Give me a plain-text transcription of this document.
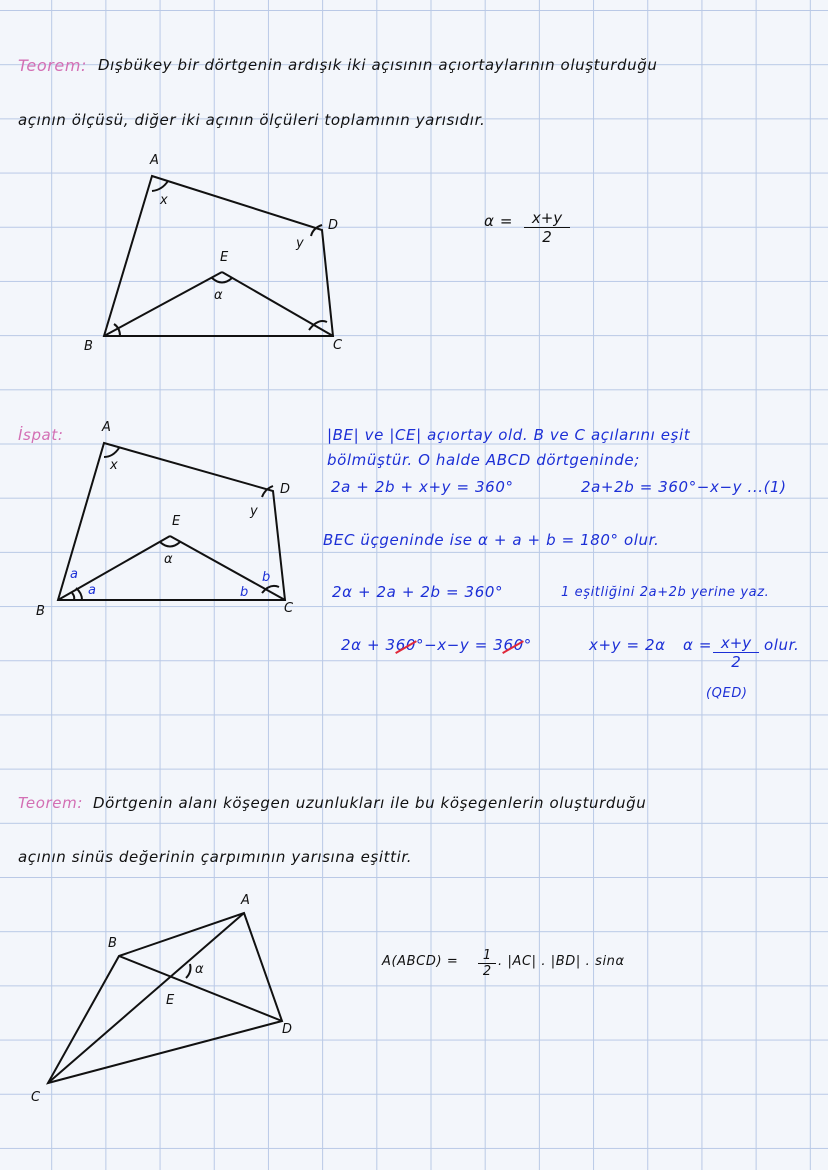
Teorem: Dışbükey bir dörtgenin ardışık iki açısının açıortaylarının oluşturduğu
açının ölçüsü, diğer iki açının ölçüleri toplamının yarısıdır.
$\alpha = \frac{x+y}{2}$
A
B	C
D
E
x
y
α
İspat:	A
B	C
D
E
x
y
α
a
a	b
b
|BE| ve |CE| açıortay old. B ve C açılarını eşit
bölmüştür. O halde ABCD dörtgeninde;
2a + 2b + x+y = 360°	2a+2b = 360°−x−y ...(1)
BEC üçgeninde ise α + a + b = 180° olur.
2α + 2a + 2b = 360°	1 eşitliğini 2a+2b yerine yaz.
2α + 360°−x−y = 360°	x+y = 2α $\alpha = \frac{x+y}{2}$ olur.
(QED)
Teorem: Dörtgenin alanı köşegen uzunlukları ile bu köşegenlerin oluşturduğu
açının sinüs değerinin çarpımının yarısına eşittir.
A
B
C
D
E
α
A(ABCD) = $\frac{1}{2}$ . |AC| . |BD| . sinα
